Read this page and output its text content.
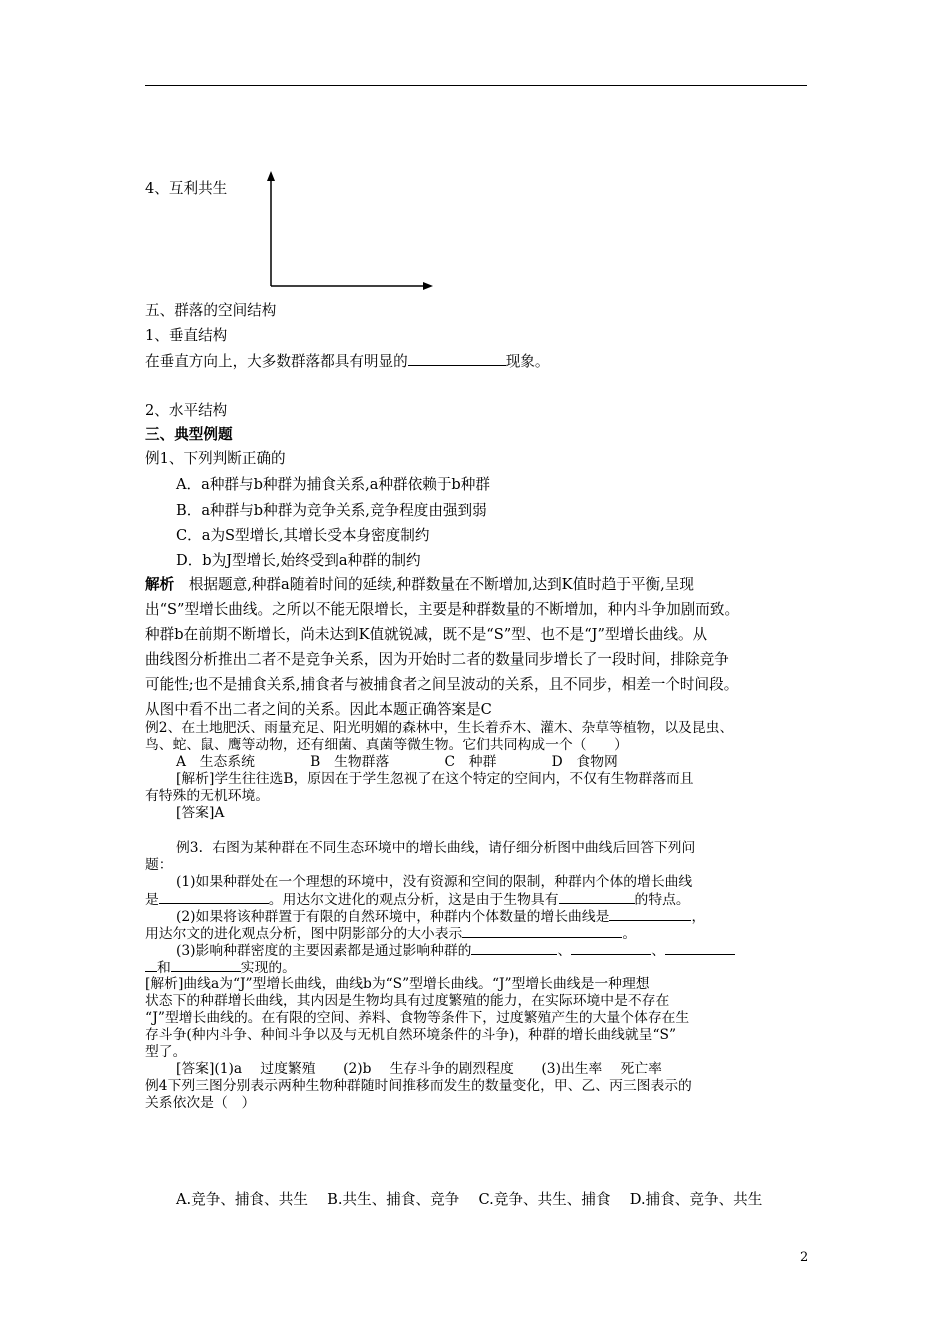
4、互利共生
五、群落的空间结构
1、垂直结构
在垂直方向上，大多数群落都具有明显的	现象。
2、水平结构
三、典型例题
例1、下列判断正确的
A．a种群与b种群为捕食关系,a种群依赖于b种群
B．a种群与b种群为竞争关系,竞争程度由强到弱
C．a为S型增长,其增长受本身密度制约
D．b为J型增长,始终受到a种群的制约
解析　 根据题意,种群a随着时间的延续,种群数量在不断增加,达到K值时趋于平衡,呈现
出“S”型增长曲线。之所以不能无限增长，主要是种群数量的不断增加，种内斗争加剧而致。
种群b在前期不断增长，尚未达到K值就锐减，既不是“S”型、也不是“J”型增长曲线。从
曲线图分析推出二者不是竞争关系，因为开始时二者的数量同步增长了一段时间，排除竞争
可能性;也不是捕食关系,捕食者与被捕食者之间呈波动的关系，且不同步，相差一个时间段。
从图中看不出二者之间的关系。因此本题正确答案是C
例2、在土地肥沃、雨量充足、阳光明媚的森林中，生长着乔木、灌木、杂草等植物，以及昆虫、
鸟、蛇、鼠、鹰等动物，还有细菌、真菌等微生物。它们共同构成一个（　　）
A　生态系统　　　　B　生物群落　　　　C　种群　　　　D　食物网
[解析]学生往往选B，原因在于学生忽视了在这个特定的空间内，不仅有生物群落而且
有特殊的无机环境。
[答案]A
例3．右图为某种群在不同生态环境中的增长曲线，请仔细分析图中曲线后回答下列问
题：
(1)如果种群处在一个理想的环境中，没有资源和空间的限制，种群内个体的增长曲线
是	。用达尔文进化的观点分析，这是由于生物具有	的特点。
(2)如果将该种群置于有限的自然环境中，种群内个体数量的增长曲线是	，
用达尔文的进化观点分析，图中阴影部分的大小表示	。
(3)影响种群密度的主要因素都是通过影响种群的	、	、
和	实现的。
[解析]曲线a为“J”型增长曲线，曲线b为“S”型增长曲线。“J”型增长曲线是一种理想
状态下的种群增长曲线，其内因是生物均具有过度繁殖的能力，在实际环境中是不存在
“J”型增长曲线的。在有限的空间、养料、食物等条件下，过度繁殖产生的大量个体存在生
存斗争(种内斗争、种间斗争以及与无机自然环境条件的斗争)，种群的增长曲线就呈“S”
型了。
[答案](1)a　 过度繁殖　　(2)b　 生存斗争的剧烈程度　　(3)出生率　 死亡率
例4下列三图分别表示两种生物种群随时间推移而发生的数量变化，甲、乙、丙三图表示的
关系依次是（　）
A.竞争、捕食、共生　 B.共生、捕食、竞争　 C.竞争、共生、捕食　 D.捕食、竞争、共生
2
